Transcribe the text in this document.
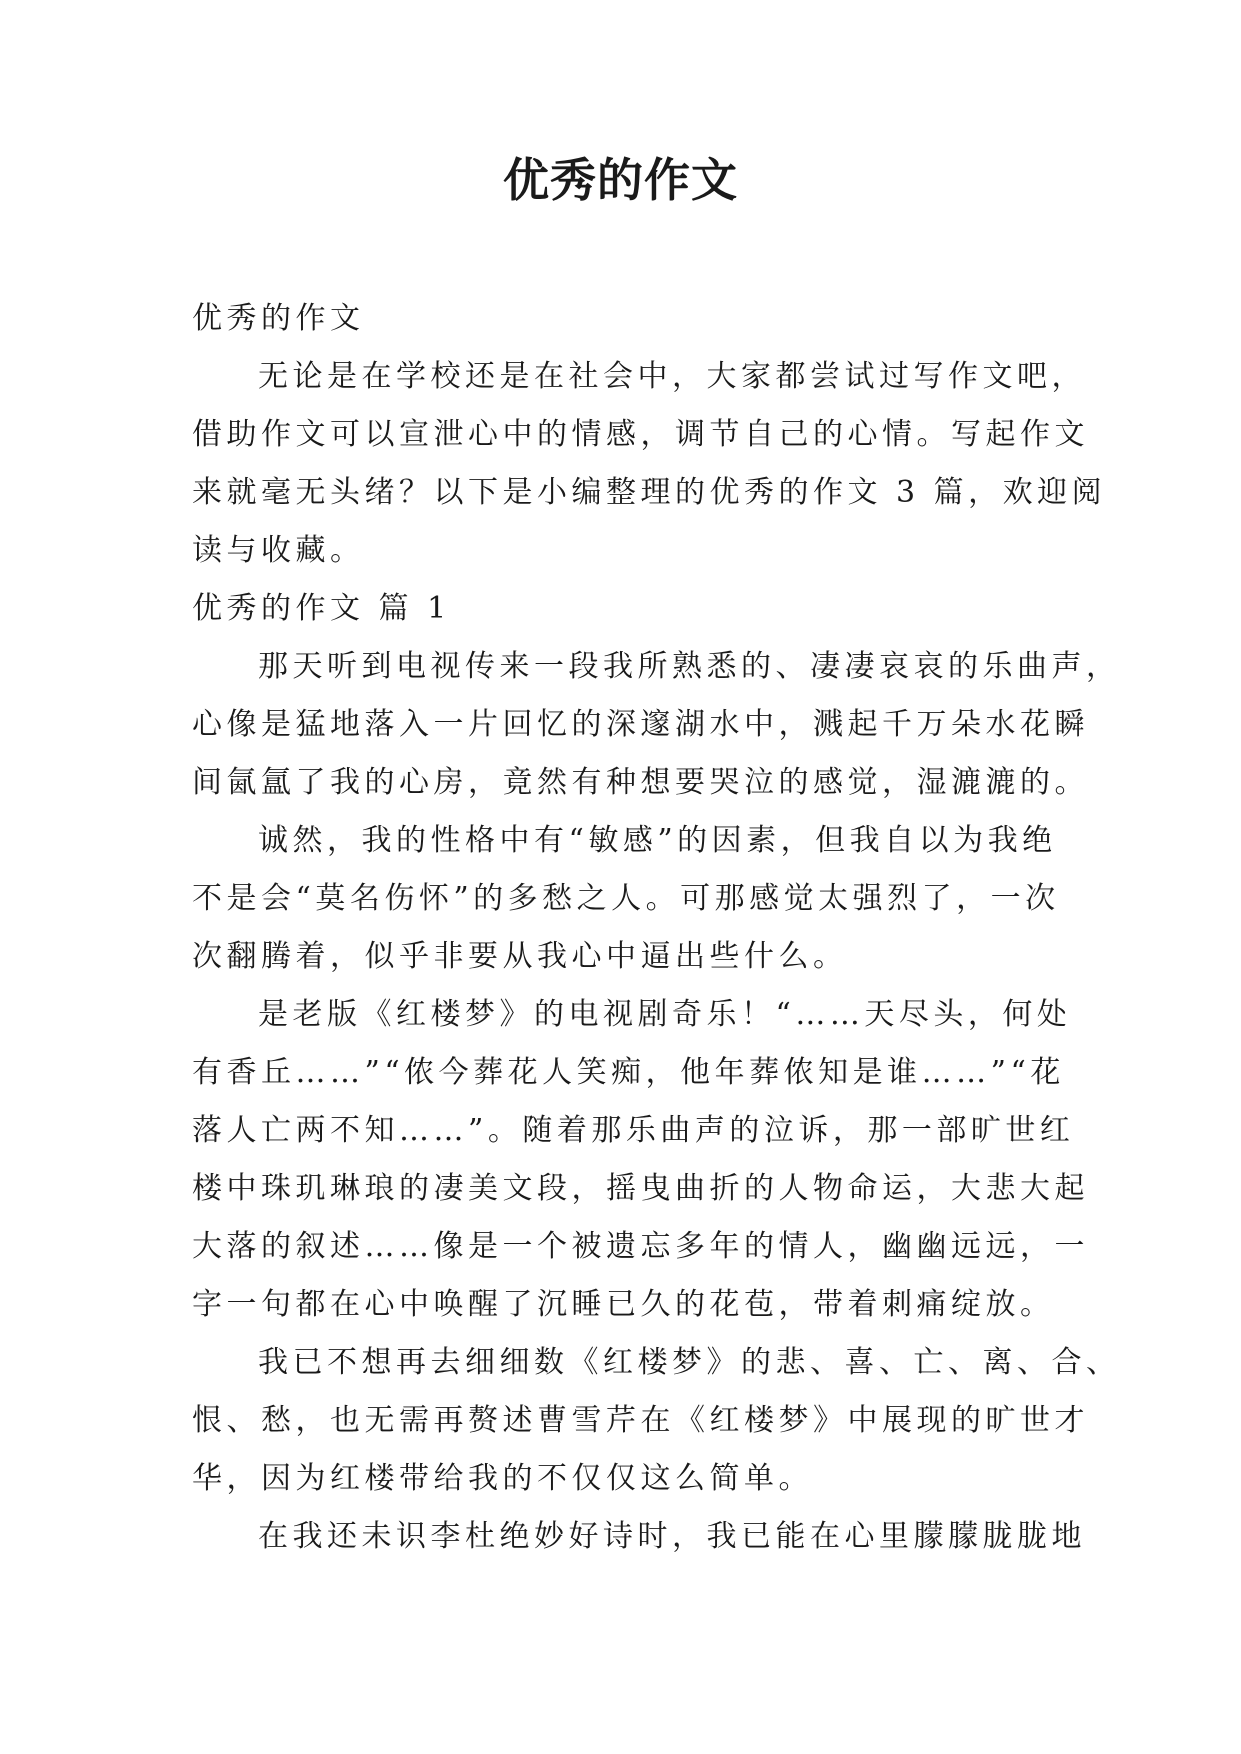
优秀的作文
优秀的作文
无论是在学校还是在社会中，大家都尝试过写作文吧，
借助作文可以宣泄心中的情感，调节自己的心情。写起作文
来就毫无头绪？以下是小编整理的优秀的作文 3 篇，欢迎阅
读与收藏。
优秀的作文 篇 1
那天听到电视传来一段我所熟悉的、凄凄哀哀的乐曲声，
心像是猛地落入一片回忆的深邃湖水中，溅起千万朵水花瞬
间氤氲了我的心房，竟然有种想要哭泣的感觉，湿漉漉的。
诚然，我的性格中有“敏感”的因素，但我自以为我绝
不是会“莫名伤怀”的多愁之人。可那感觉太强烈了，一次
次翻腾着，似乎非要从我心中逼出些什么。
是老版《红楼梦》的电视剧奇乐！“……天尽头，何处
有香丘……”“侬今葬花人笑痴，他年葬侬知是谁……”“花
落人亡两不知……”。随着那乐曲声的泣诉，那一部旷世红
楼中珠玑琳琅的凄美文段，摇曳曲折的人物命运，大悲大起
大落的叙述……像是一个被遗忘多年的情人，幽幽远远，一
字一句都在心中唤醒了沉睡已久的花苞，带着刺痛绽放。
我已不想再去细细数《红楼梦》的悲、喜、亡、离、合、
恨、愁，也无需再赘述曹雪芹在《红楼梦》中展现的旷世才
华，因为红楼带给我的不仅仅这么简单。
在我还未识李杜绝妙好诗时，我已能在心里朦朦胧胧地
